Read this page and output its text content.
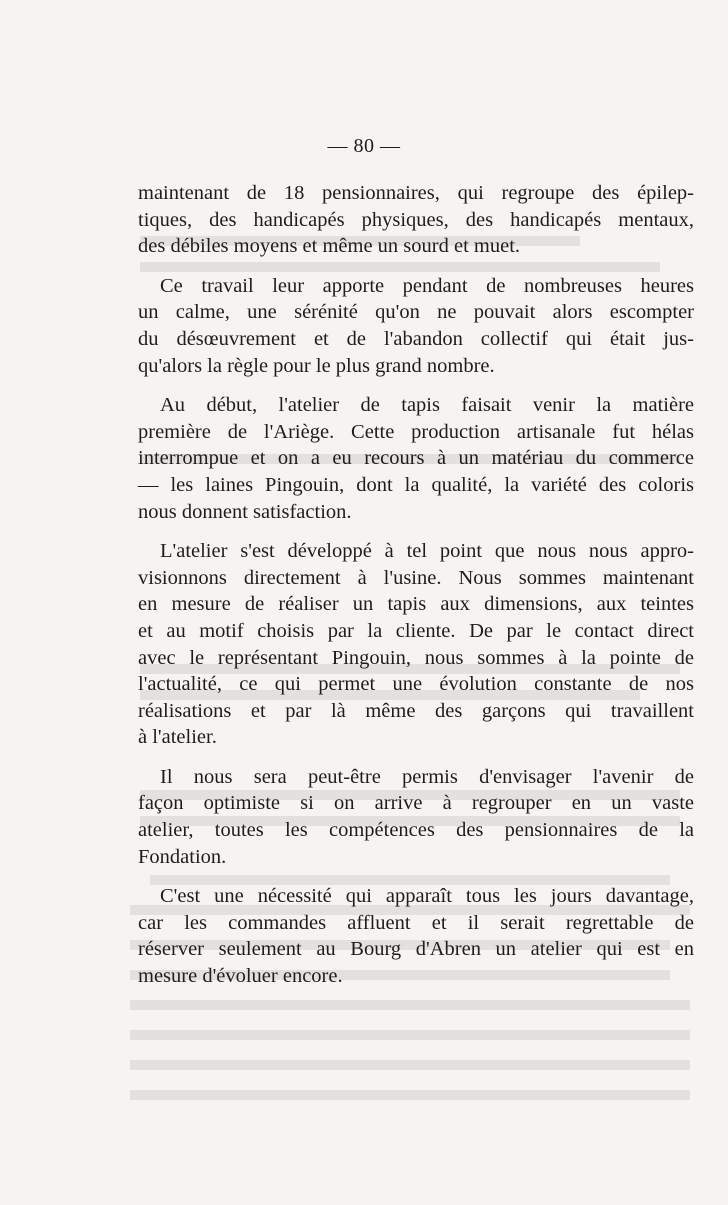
— 80 —

maintenant de 18 pensionnaires, qui regroupe des épilep-
tiques, des handicapés physiques, des handicapés mentaux,
des débiles moyens et même un sourd et muet.

Ce travail leur apporte pendant de nombreuses heures
un calme, une sérénité qu'on ne pouvait alors escompter
du désœuvrement et de l'abandon collectif qui était jus-
qu'alors la règle pour le plus grand nombre.

Au début, l'atelier de tapis faisait venir la matière
première de l'Ariège. Cette production artisanale fut hélas
interrompue et on a eu recours à un matériau du commerce
— les laines Pingouin, dont la qualité, la variété des coloris
nous donnent satisfaction.

L'atelier s'est développé à tel point que nous nous appro-
visionnons directement à l'usine. Nous sommes maintenant
en mesure de réaliser un tapis aux dimensions, aux teintes
et au motif choisis par la cliente. De par le contact direct
avec le représentant Pingouin, nous sommes à la pointe de
l'actualité, ce qui permet une évolution constante de nos
réalisations et par là même des garçons qui travaillent
à l'atelier.

Il nous sera peut-être permis d'envisager l'avenir de
façon optimiste si on arrive à regrouper en un vaste
atelier, toutes les compétences des pensionnaires de la
Fondation.

C'est une nécessité qui apparaît tous les jours davantage,
car les commandes affluent et il serait regrettable de
réserver seulement au Bourg d'Abren un atelier qui est en
mesure d'évoluer encore.
